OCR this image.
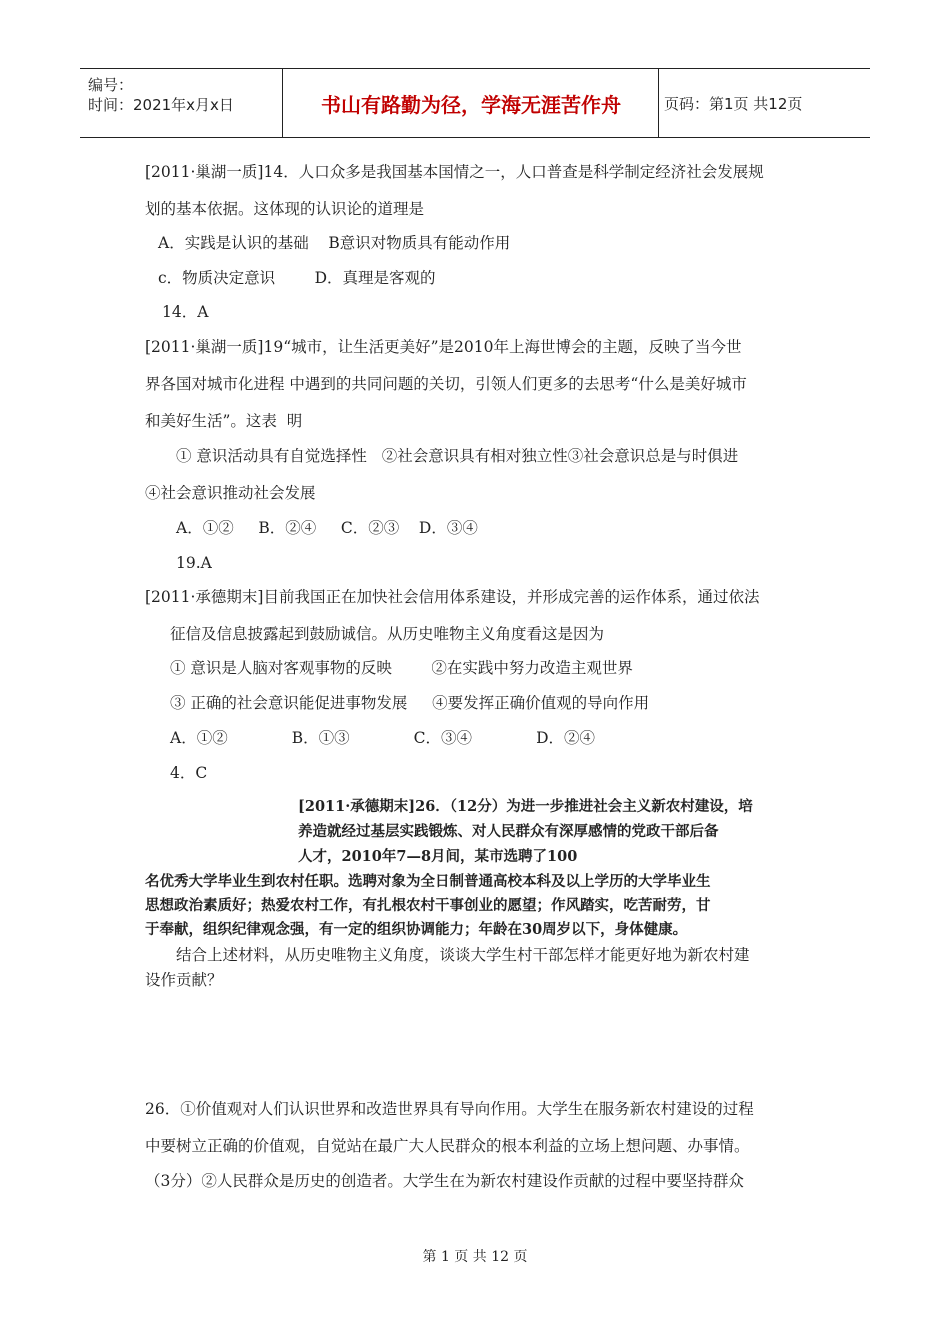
编号：
时间：2021年x月x日	书山有路勤为径，学海无涯苦作舟	页码：第1页 共12页
[2011·巢湖一质]14．人口众多是我国基本国情之一，人口普查是科学制定经济社会发展规
划的基本依据。这体现的认识论的道理是
A．实践是认识的基础    B意识对物质具有能动作用
c．物质决定意识        D．真理是客观的
14．A
[2011·巢湖一质]19“城市，让生活更美好”是2010年上海世博会的主题，反映了当今世
界各国对城市化进程 中遇到的共同问题的关切，引领人们更多的去思考“什么是美好城市
和美好生活”。这表  明
① 意识活动具有自觉选择性   ②社会意识具有相对独立性③社会意识总是与时俱进
④社会意识推动社会发展
A．①②     B．②④     C．②③    D．③④
19.A
[2011·承德期末]目前我国正在加快社会信用体系建设，并形成完善的运作体系，通过依法
征信及信息披露起到鼓励诚信。从历史唯物主义角度看这是因为
① 意识是人脑对客观事物的反映        ②在实践中努力改造主观世界
③ 正确的社会意识能促进事物发展     ④要发挥正确价值观的导向作用
A．①②             B．①③             C．③④             D．②④
4．C
[2011·承德期末]26．（12分）为进一步推进社会主义新农村建设，培
养造就经过基层实践锻炼、对人民群众有深厚感情的党政干部后备
人才，2010年7—8月间，某市选聘了100
名优秀大学毕业生到农村任职。选聘对象为全日制普通高校本科及以上学历的大学毕业生
思想政治素质好；热爱农村工作，有扎根农村干事创业的愿望；作风踏实，吃苦耐劳，甘
于奉献，组织纪律观念强，有一定的组织协调能力；年龄在30周岁以下，身体健康。
结合上述材料，从历史唯物主义角度，谈谈大学生村干部怎样才能更好地为新农村建
设作贡献？
26．①价值观对人们认识世界和改造世界具有导向作用。大学生在服务新农村建设的过程
中要树立正确的价值观，自觉站在最广大人民群众的根本利益的立场上想问题、办事情。
（3分）②人民群众是历史的创造者。大学生在为新农村建设作贡献的过程中要坚持群众
第 1 页 共 12 页
